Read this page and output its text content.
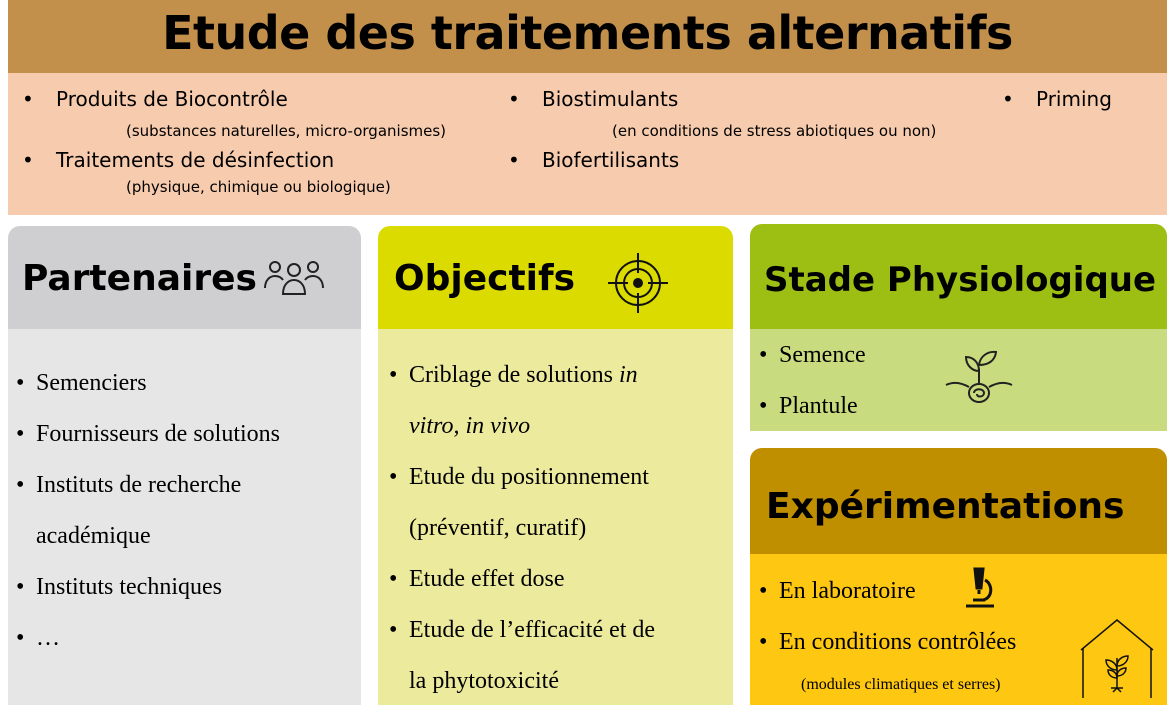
Etude des traitements alternatifs
• Produits de Biocontrôle
(substances naturelles, micro-organismes)
• Traitements de désinfection
(physique, chimique ou biologique)
• Biostimulants
(en conditions de stress abiotiques ou non)
• Biofertilisants
• Priming
Partenaires
• Semenciers
• Fournisseurs de solutions
• Instituts de recherche
académique
• Instituts techniques
• …
Objectifs
• Criblage de solutions in
vitro, in vivo
• Etude du positionnement
(préventif, curatif)
• Etude effet dose
• Etude de l’efficacité et de
la phytotoxicité
Stade Physiologique
• Semence
• Plantule
Expérimentations
• En laboratoire
• En conditions contrôlées
(modules climatiques et serres)
